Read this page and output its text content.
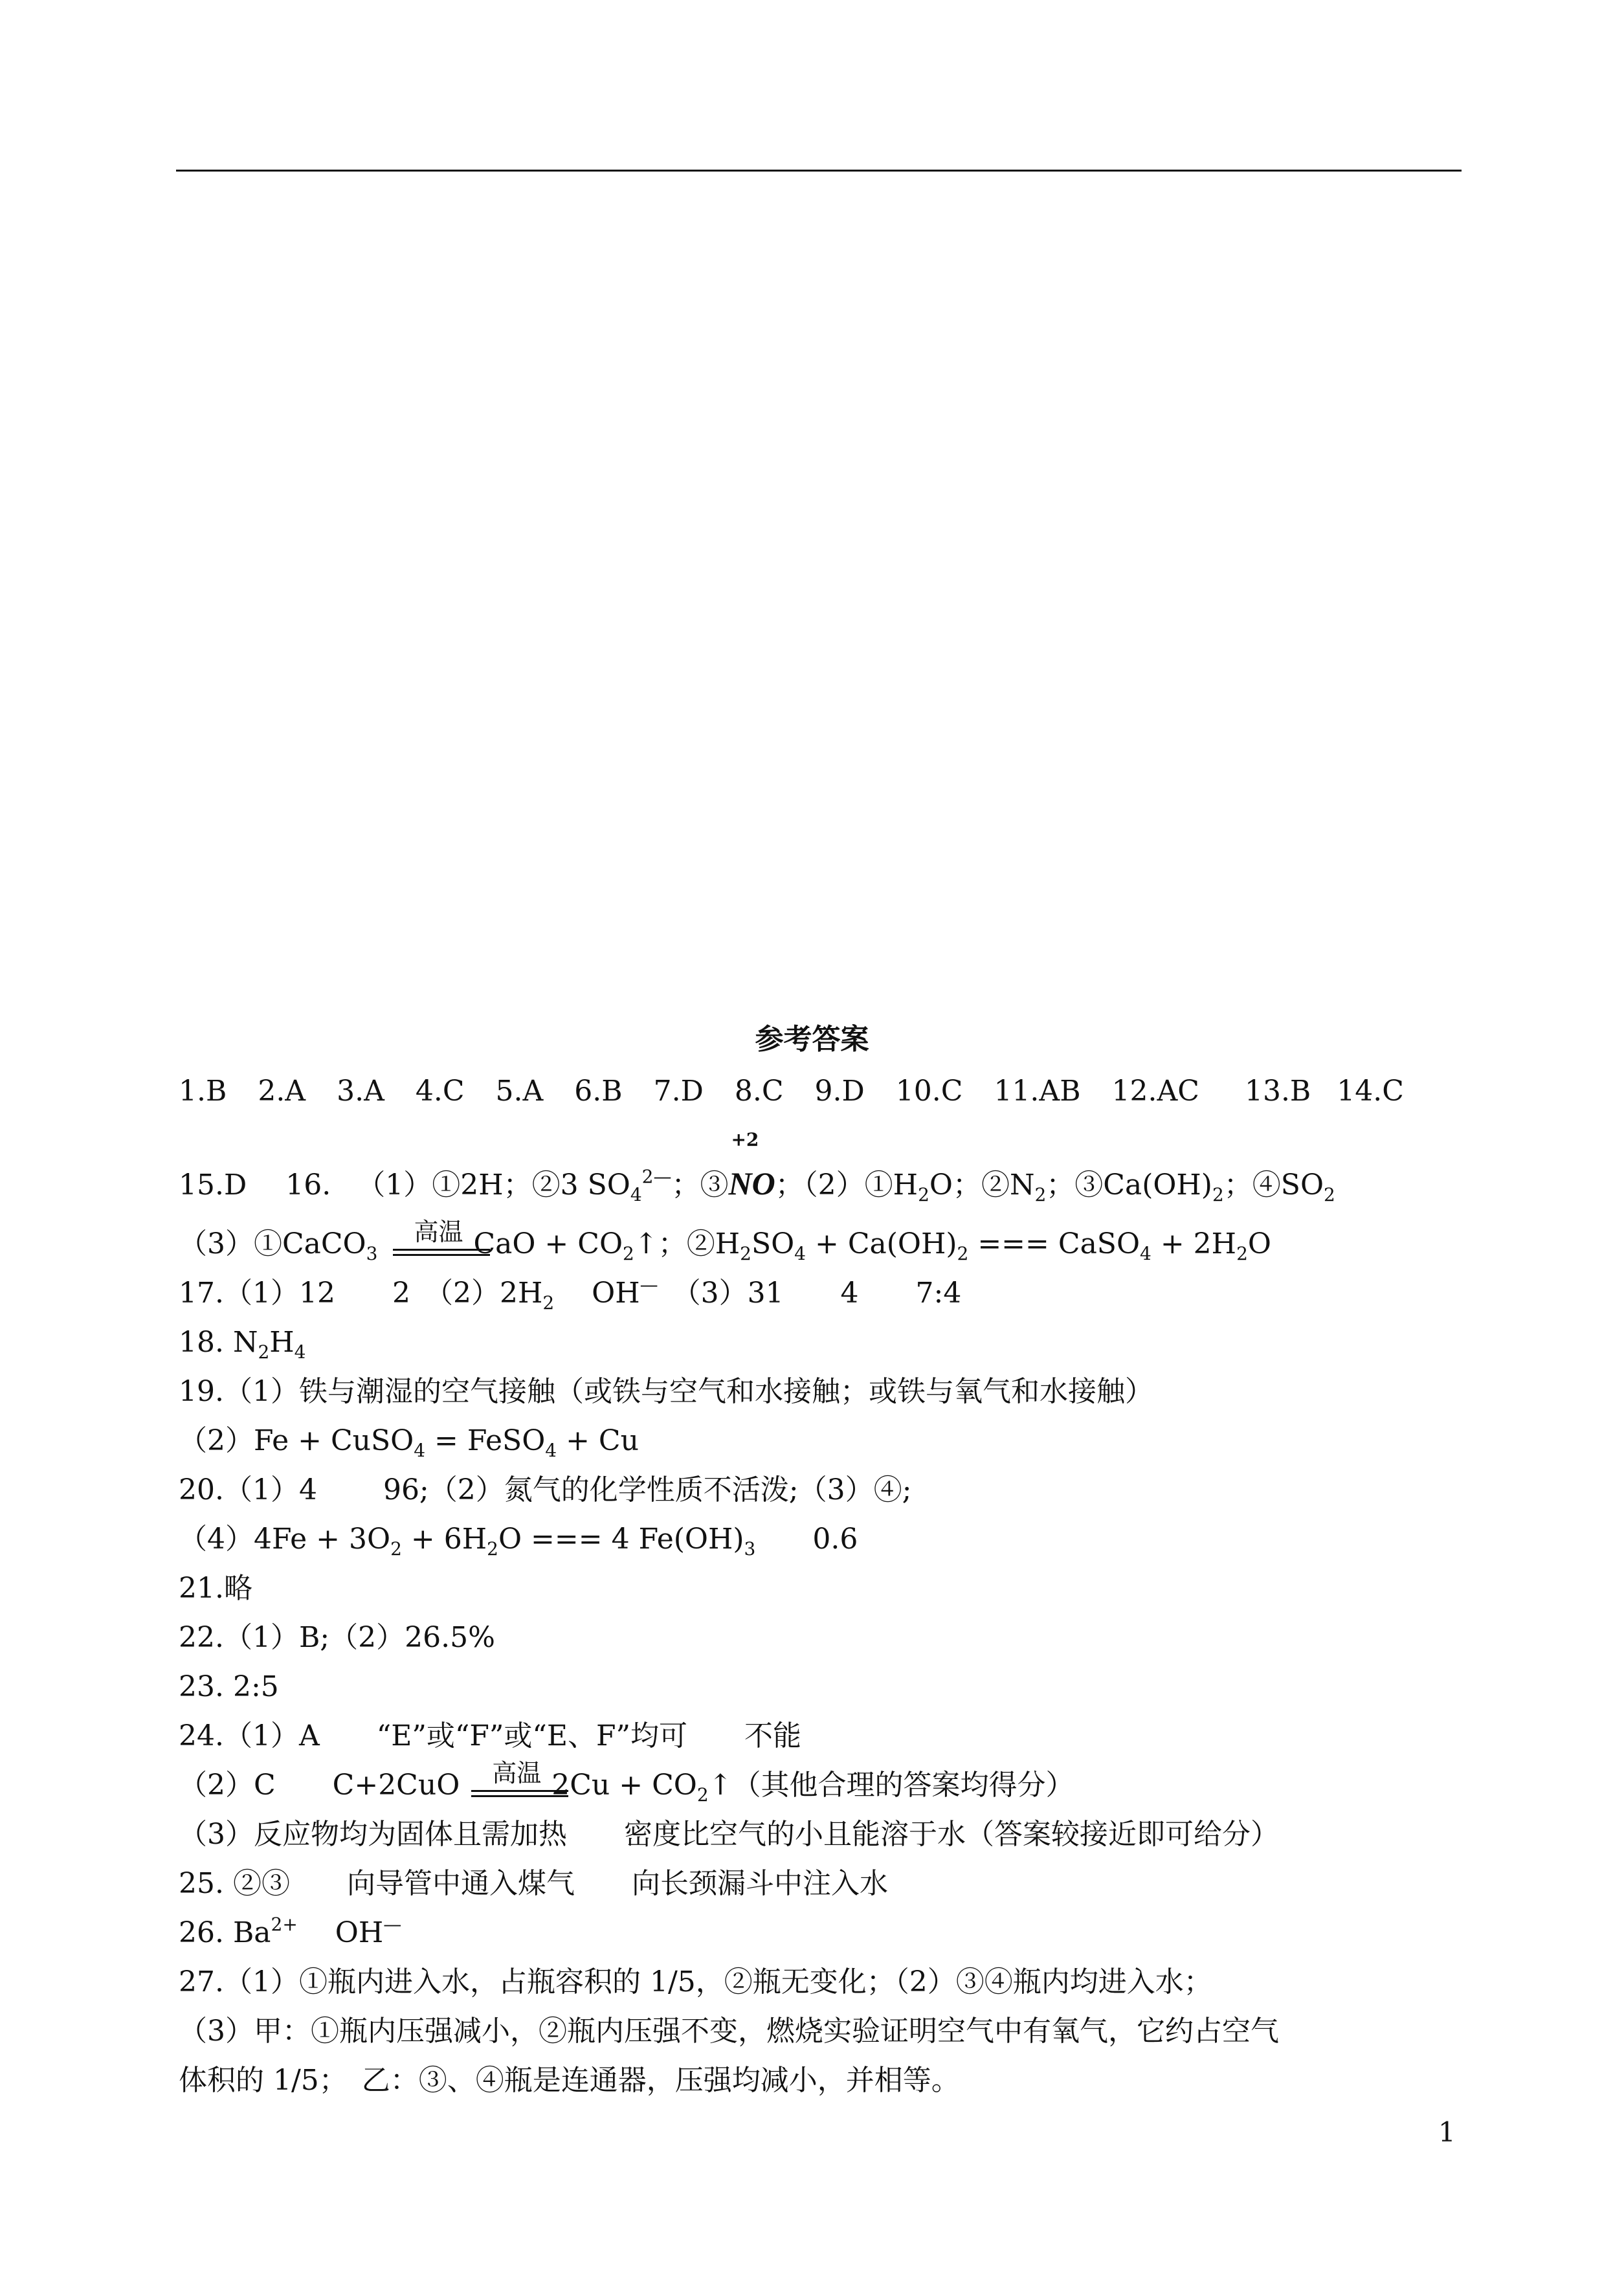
参考答案
1.B 2.A 3.A 4.C 5.A 6.B 7.D 8.C 9.D 10.C 11.AB 12.AC 13.B 14.C
15.D 16. （1）①2H；②3 $SO_4^{2—}$；③
+2
NO；$(2)①H_2O$；$②N_2$；$③Ca(OH)_2$；$④SO_2$
（3）①CaCO$_3$
高温 CaO + $CO_2↑$；$②H_2SO_4 + Ca(OH)_2$ === CaSO$_4$ + $2H_2O$
17.（1）12　　2　$(2)2H_2$　 OH—　（3）31　　4　　7:4
18. $N_2H_4$
19.（1）铁与潮湿的空气接触（或铁与空气和水接触；或铁与氧气和水接触）
（2）Fe + CuSO$_4$ = FeSO$_4$ + Cu
20.（1）4　　 96;（2）氮气的化学性质不活泼;（3）④;
$(4)4Fe + 3O_2 + 6H_2O$ === 4 $Fe(OH)_3$　　0.6
21.略
22.（1）B;（2）26.5%
23. 2:5
24.（1）A　　“E”或“F”或“E、F”均可　　不能
（2）C　　C+2CuO 高温 $2Cu + CO_2↑$（其他合理的答案均得分）
（3）反应物均为固体且需加热　　密度比空气的小且能溶于水（答案较接近即可给分）
25. ②③　　向导管中通入煤气　　向长颈漏斗中注入水
26. $Ba^{2+}$　 OH—
27.（1）①瓶内进入水，占瓶容积的 1/5，②瓶无变化；（2）③④瓶内均进入水；
（3）甲：①瓶内压强减小，②瓶内压强不变，燃烧实验证明空气中有氧气，它约占空气
体积的 1/5；　乙：③、④瓶是连通器，压强均减小，并相等。
1
